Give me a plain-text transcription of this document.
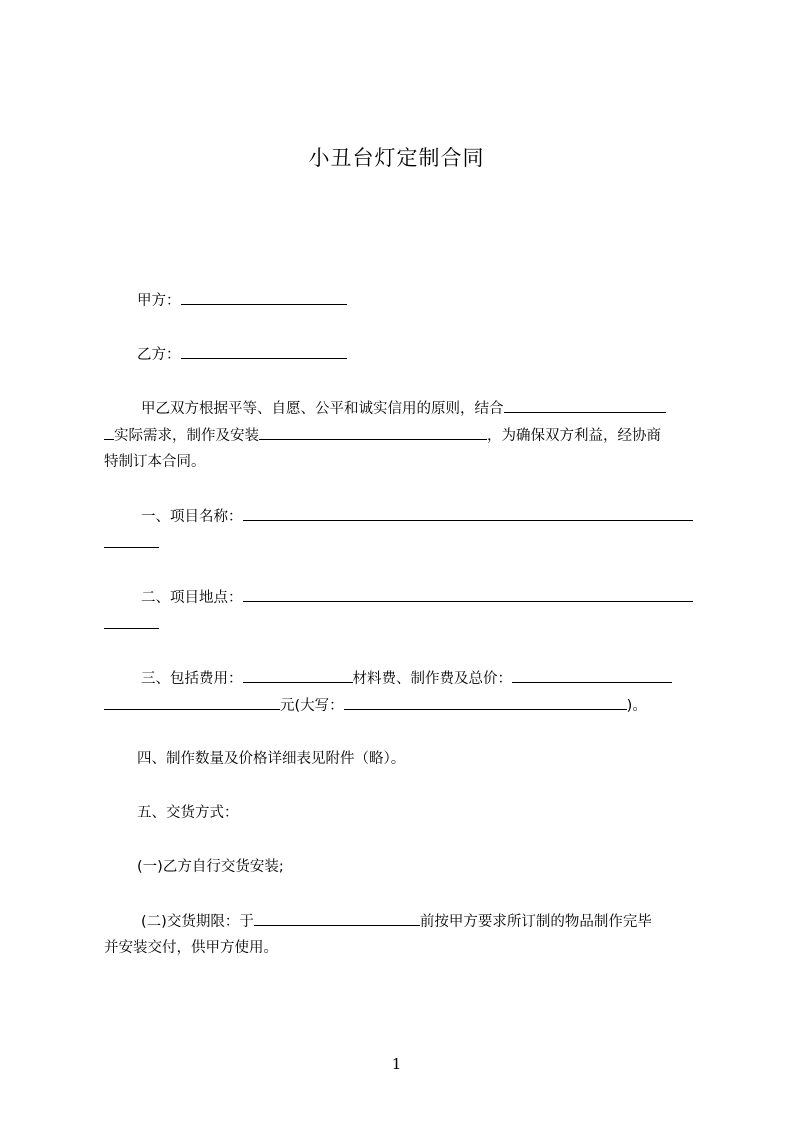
小丑台灯定制合同
甲方：
乙方：
甲乙双方根据平等、自愿、公平和诚实信用的原则，结合
实际需求，制作及安装	，为确保双方利益，经协商
特制订本合同。
一、项目名称：
二、项目地点：
三、包括费用：	材料费、制作费及总价：
元(大写：	)。
四、制作数量及价格详细表见附件（略）。
五、交货方式：
(一)乙方自行交货安装;
(二)交货期限：于	前按甲方要求所订制的物品制作完毕
并安装交付，供甲方使用。
1
